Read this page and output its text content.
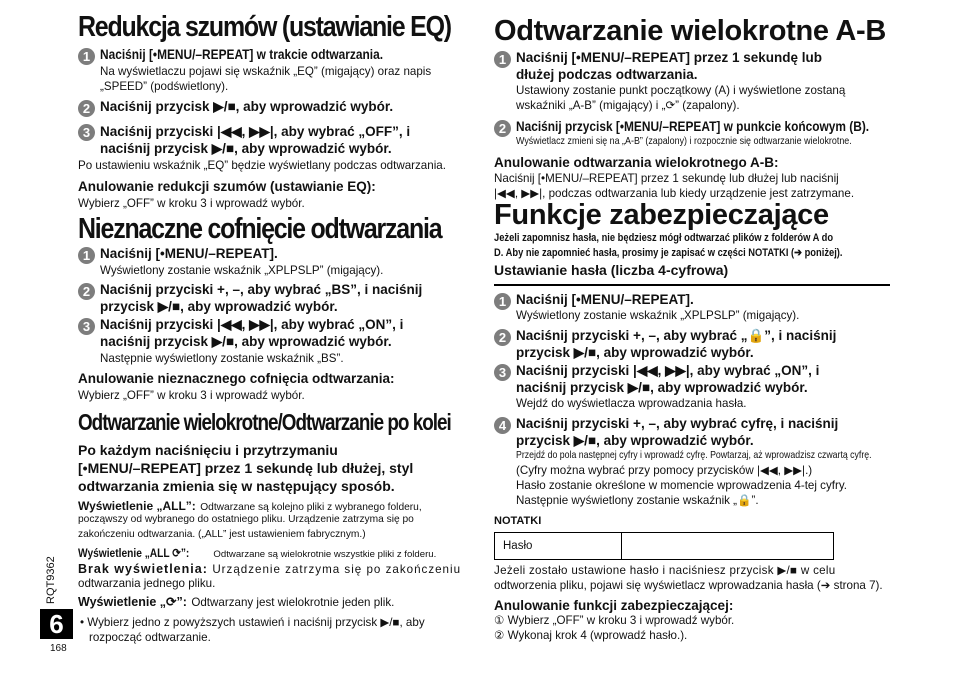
Redukcja szumów (ustawianie EQ)
1 Naciśnij [•MENU/–REPEAT] w trakcie odtwarzania.
Na wyświetlaczu pojawi się wskaźnik „EQ” (migający) oraz napis
„SPEED” (podświetlony).
2 Naciśnij przycisk ▶/■, aby wprowadzić wybór.
3 Naciśnij przyciski |◀◀, ▶▶|, aby wybrać „OFF”, i
naciśnij przycisk ▶/■, aby wprowadzić wybór.
Po ustawieniu wskaźnik „EQ” będzie wyświetlany podczas odtwarzania.
Anulowanie redukcji szumów (ustawianie EQ):
Wybierz „OFF” w kroku 3 i wprowadź wybór.
Nieznaczne cofnięcie odtwarzania
1 Naciśnij [•MENU/–REPEAT].
Wyświetlony zostanie wskaźnik „XPLPSLP” (migający).
2 Naciśnij przyciski +, –, aby wybrać „BS”, i naciśnij
przycisk ▶/■, aby wprowadzić wybór.
3 Naciśnij przyciski |◀◀, ▶▶|, aby wybrać „ON”, i
naciśnij przycisk ▶/■, aby wprowadzić wybór.
Następnie wyświetlony zostanie wskaźnik „BS”.
Anulowanie nieznacznego cofnięcia odtwarzania:
Wybierz „OFF” w kroku 3 i wprowadź wybór.
Odtwarzanie wielokrotne/Odtwarzanie po kolei
Po każdym naciśnięciu i przytrzymaniu
[•MENU/–REPEAT] przez 1 sekundę lub dłużej, styl
odtwarzania zmienia się w następujący sposób.
Wyświetlenie „ALL”: Odtwarzane są kolejno pliki z wybranego folderu,
począwszy od wybranego do ostatniego pliku. Urządzenie zatrzyma się po
zakończeniu odtwarzania. („ALL” jest ustawieniem fabrycznym.)
Wyświetlenie „ALL ⟳”:	Odtwarzane są wielokrotnie wszystkie pliki z folderu.
Brak wyświetlenia: Urządzenie zatrzyma się po zakończeniu
odtwarzania jednego pliku.
Wyświetlenie „⟳”: Odtwarzany jest wielokrotnie jeden plik.
• Wybierz jedno z powyższych ustawień i naciśnij przycisk ▶/■, aby
rozpocząć odtwarzanie.
RQT9362
6
168
Odtwarzanie wielokrotne A-B
1 Naciśnij [•MENU/–REPEAT] przez 1 sekundę lub
dłużej podczas odtwarzania.
Ustawiony zostanie punkt początkowy (A) i wyświetlone zostaną
wskaźniki „A-B” (migający) i „⟳” (zapalony).
2 Naciśnij przycisk [•MENU/–REPEAT] w punkcie końcowym (B).
Wyświetlacz zmieni się na „A-B” (zapalony) i rozpocznie się odtwarzanie wielokrotne.
Anulowanie odtwarzania wielokrotnego A-B:
Naciśnij [•MENU/–REPEAT] przez 1 sekundę lub dłużej lub naciśnij
|◀◀, ▶▶|, podczas odtwarzania lub kiedy urządzenie jest zatrzymane.
Funkcje zabezpieczające
Jeżeli zapomnisz hasła, nie będziesz mógł odtwarzać plików z folderów A do
D. Aby nie zapomnieć hasła, prosimy je zapisać w części NOTATKI (➔ poniżej).
Ustawianie hasła (liczba 4-cyfrowa)
1 Naciśnij [•MENU/–REPEAT].
Wyświetlony zostanie wskaźnik „XPLPSLP” (migający).
2 Naciśnij przyciski +, –, aby wybrać „🔒”, i naciśnij
przycisk ▶/■, aby wprowadzić wybór.
3 Naciśnij przyciski |◀◀, ▶▶|, aby wybrać „ON”, i
naciśnij przycisk ▶/■, aby wprowadzić wybór.
Wejdź do wyświetlacza wprowadzania hasła.
4 Naciśnij przyciski +, –, aby wybrać cyfrę, i naciśnij
przycisk ▶/■, aby wprowadzić wybór.
Przejdź do pola następnej cyfry i wprowadź cyfrę. Powtarzaj, aż wprowadzisz czwartą cyfrę.
(Cyfry można wybrać przy pomocy przycisków |◀◀, ▶▶|.)
Hasło zostanie określone w momencie wprowadzenia 4-tej cyfry.
Następnie wyświetlony zostanie wskaźnik „🔒”.
NOTATKI
Hasło	
Jeżeli zostało ustawione hasło i naciśniesz przycisk ▶/■ w celu
odtworzenia pliku, pojawi się wyświetlacz wprowadzania hasła (➔ strona 7).
Anulowanie funkcji zabezpieczającej:
① Wybierz „OFF” w kroku 3 i wprowadź wybór.
② Wykonaj krok 4 (wprowadź hasło.).
